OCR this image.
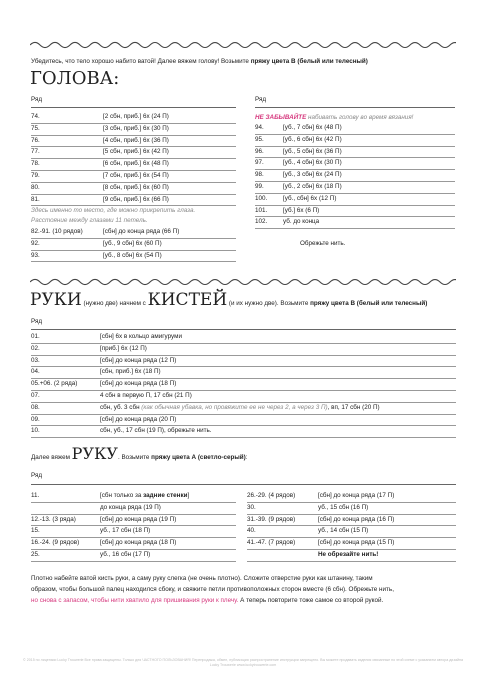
Убедитесь, что тело хорошо набито ватой! Далее вяжем голову! Возьмите пряжу цвета В (белый или телесный)
ГОЛОВА:
Ряд	Ряд
74.	[2 сбн, приб.] 6х (24 П)
75.	[3 сбн, приб.] 6х (30 П)
76.	[4 сбн, приб.] 6х (36 П)
77.	[5 сбн, приб.] 6х (42 П)
78.	[6 сбн, приб.] 6х (48 П)
79.	[7 сбн, приб.] 6х (54 П)
80.	[8 сбн, приб.] 6х (60 П)
81.	[9 сбн, приб.] 6х (66 П)
Здесь именно то место, где можно прикрепить глаза.
Расстояние между глазами 11 петель.
82.-91. (10 рядов)	[сбн] до конца ряда (66 П)
92.	[уб., 9 сбн] 6х (60 П)
93.	[уб., 8 сбн] 6х (54 П)
НЕ ЗАБЫВАЙТЕ набивать голову во время вязания!
94.	[уб., 7 сбн] 6х (48 П)
95.	[уб., 6 сбн] 6х (42 П)
96.	[уб., 5 сбн] 6х (36 П)
97.	[уб., 4 сбн] 6х (30 П)
98.	[уб., 3 сбн] 6х (24 П)
99.	[уб., 2 сбн] 6х (18 П)
100. [уб., сбн] 6х (12 П)
101. [уб.] 6х (6 П)
102. уб. до конца
Обрежьте нить.
РУКИ (нужно две) начнем с КИСТЕЙ (и их нужно две). Возьмите пряжу цвета В (белый или телесный)
Ряд
01.	[сбн] 6х в кольцо амигуруми
02.	[приб.] 6х (12 П)
03.	[сбн] до конца ряда (12 П)
04.	[сбн, приб.] 6х (18 П)
05.+06. (2 ряда)	[сбн] до конца ряда (18 П)
07.	4 сбн в первую П, 17 сбн (21 П)
08.	сбн, уб. 3 сбн (как обычная убавка, но провяжите ее не через 2, а через 3 П), вп, 17 сбн (20 П)
09.	[сбн] до конца ряда (20 П)
10.	сбн, уб., 17 сбн (19 П), обрежьте нить.
Далее вяжем РУКУ. Возьмите пряжу цвета А (светло-серый):
Ряд
11.	[сбн только за задние стенки]
до конца ряда (19 П)
12.-13. (3 ряда)	[сбн] до конца ряда (19 П)
15.	уб., 17 сбн (18 П)
16.-24. (9 рядов)	[сбн] до конца ряда (18 П)
25.	уб., 16 сбн (17 П)
26.-29. (4 рядов)	[сбн] до конца ряда (17 П)
30.	уб., 15 сбн (16 П)
31.-39. (9 рядов)	[сбн] до конца ряда (16 П)
40.	уб., 14 сбн (15 П)
41.-47. (7 рядов)	[сбн] до конца ряда (15 П)
Не обрезайте нить!
Плотно набейте ватой кисть руки, а саму руку слегка (не очень плотно). Сложите отверстие руки как штанину, таким
образом, чтобы большой палец находился сбоку, и свяжите петли противоположных сторон вместе (6 сбн). Обрежьте нить,
но снова с запасом, чтобы нити хватило для пришивания руки к плечу. А теперь повторите тоже самое со второй рукой.
© 2015 по лицензии Lucky Trouwerie Все права защищены. Только для ЧАСТНОГО ПОЛЬЗОВАНИЯ! Перепродажа, обмен, публикация распространение инструкции запрещено. Вы можете продавать изделия связанные по этой схеме с указанием автора дизайна Lucky Trouwerie www.luckytrouwerie.com
